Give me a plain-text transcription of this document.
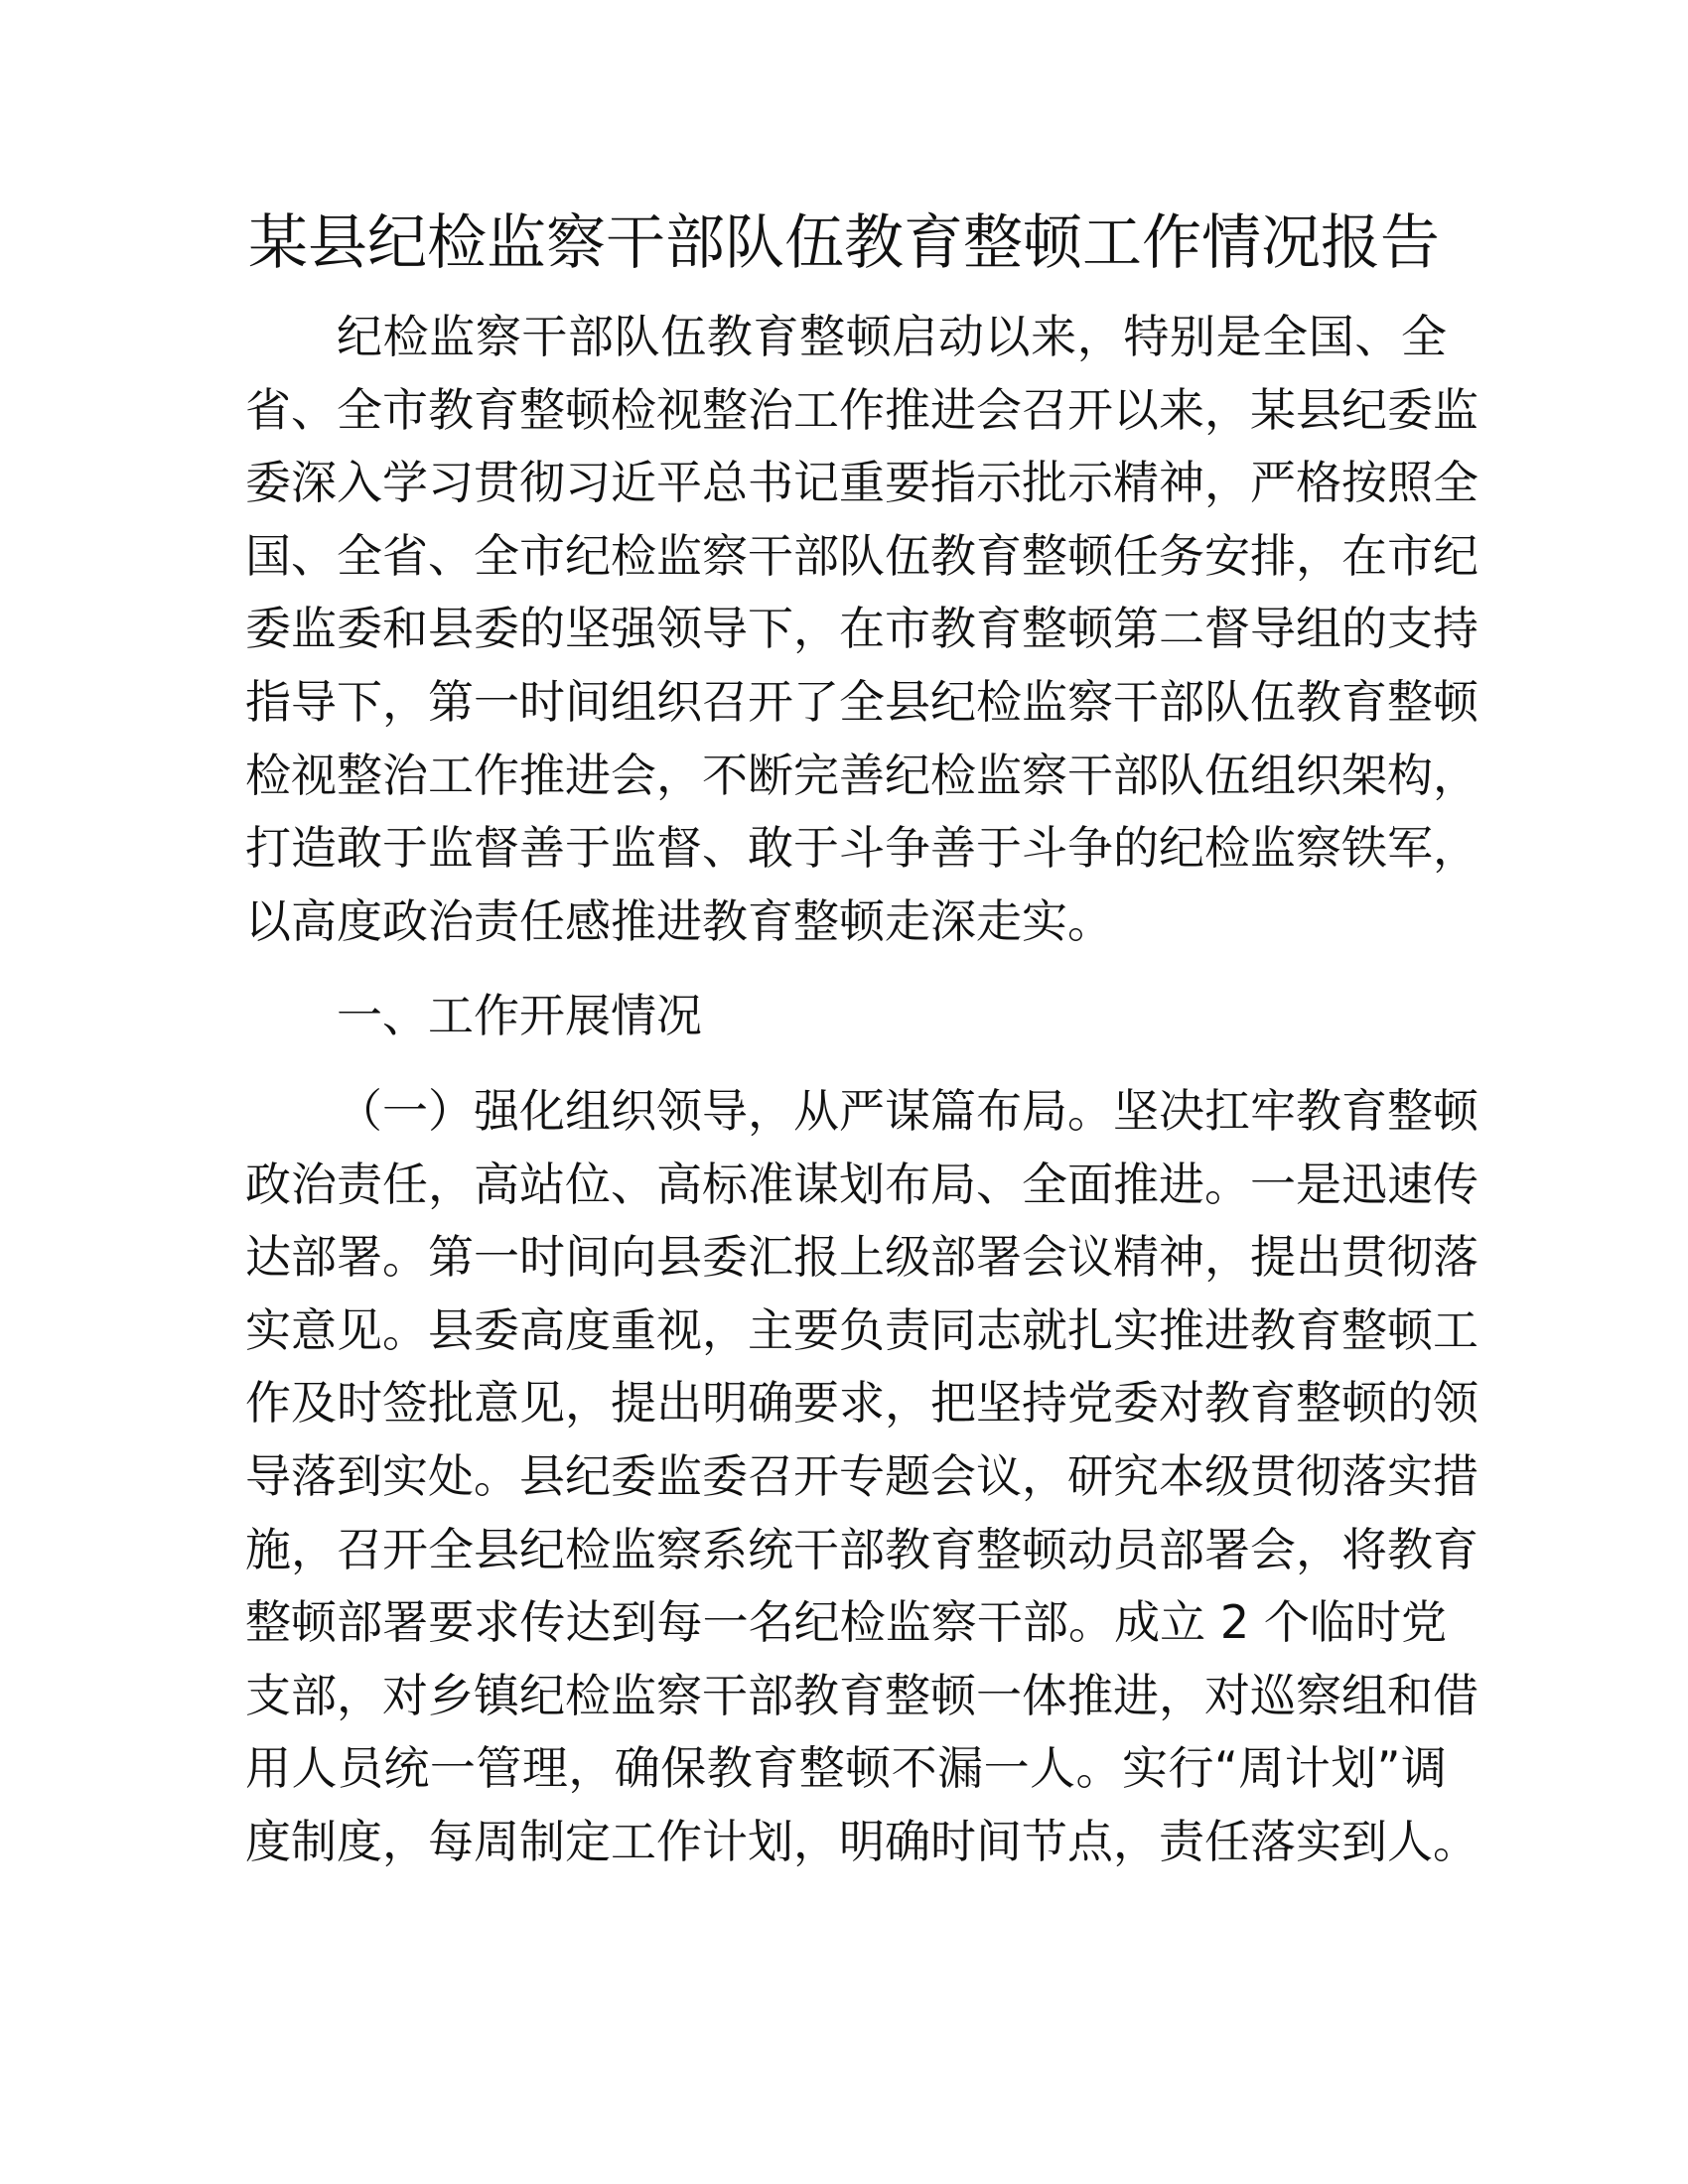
某县纪检监察干部队伍教育整顿工作情况报告
纪检监察干部队伍教育整顿启动以来，特别是全国、全
省、全市教育整顿检视整治工作推进会召开以来，某县纪委监
委深入学习贯彻习近平总书记重要指示批示精神，严格按照全
国、全省、全市纪检监察干部队伍教育整顿任务安排，在市纪
委监委和县委的坚强领导下，在市教育整顿第二督导组的支持
指导下，第一时间组织召开了全县纪检监察干部队伍教育整顿
检视整治工作推进会，不断完善纪检监察干部队伍组织架构，
打造敢于监督善于监督、敢于斗争善于斗争的纪检监察铁军，
以高度政治责任感推进教育整顿走深走实。
一、工作开展情况
（一）强化组织领导，从严谋篇布局。坚决扛牢教育整顿
政治责任，高站位、高标准谋划布局、全面推进。一是迅速传
达部署。第一时间向县委汇报上级部署会议精神，提出贯彻落
实意见。县委高度重视，主要负责同志就扎实推进教育整顿工
作及时签批意见，提出明确要求，把坚持党委对教育整顿的领
导落到实处。县纪委监委召开专题会议，研究本级贯彻落实措
施，召开全县纪检监察系统干部教育整顿动员部署会，将教育
整顿部署要求传达到每一名纪检监察干部。成立 2 个临时党
支部，对乡镇纪检监察干部教育整顿一体推进，对巡察组和借
用人员统一管理，确保教育整顿不漏一人。实行“周计划”调
度制度，每周制定工作计划，明确时间节点，责任落实到人。
